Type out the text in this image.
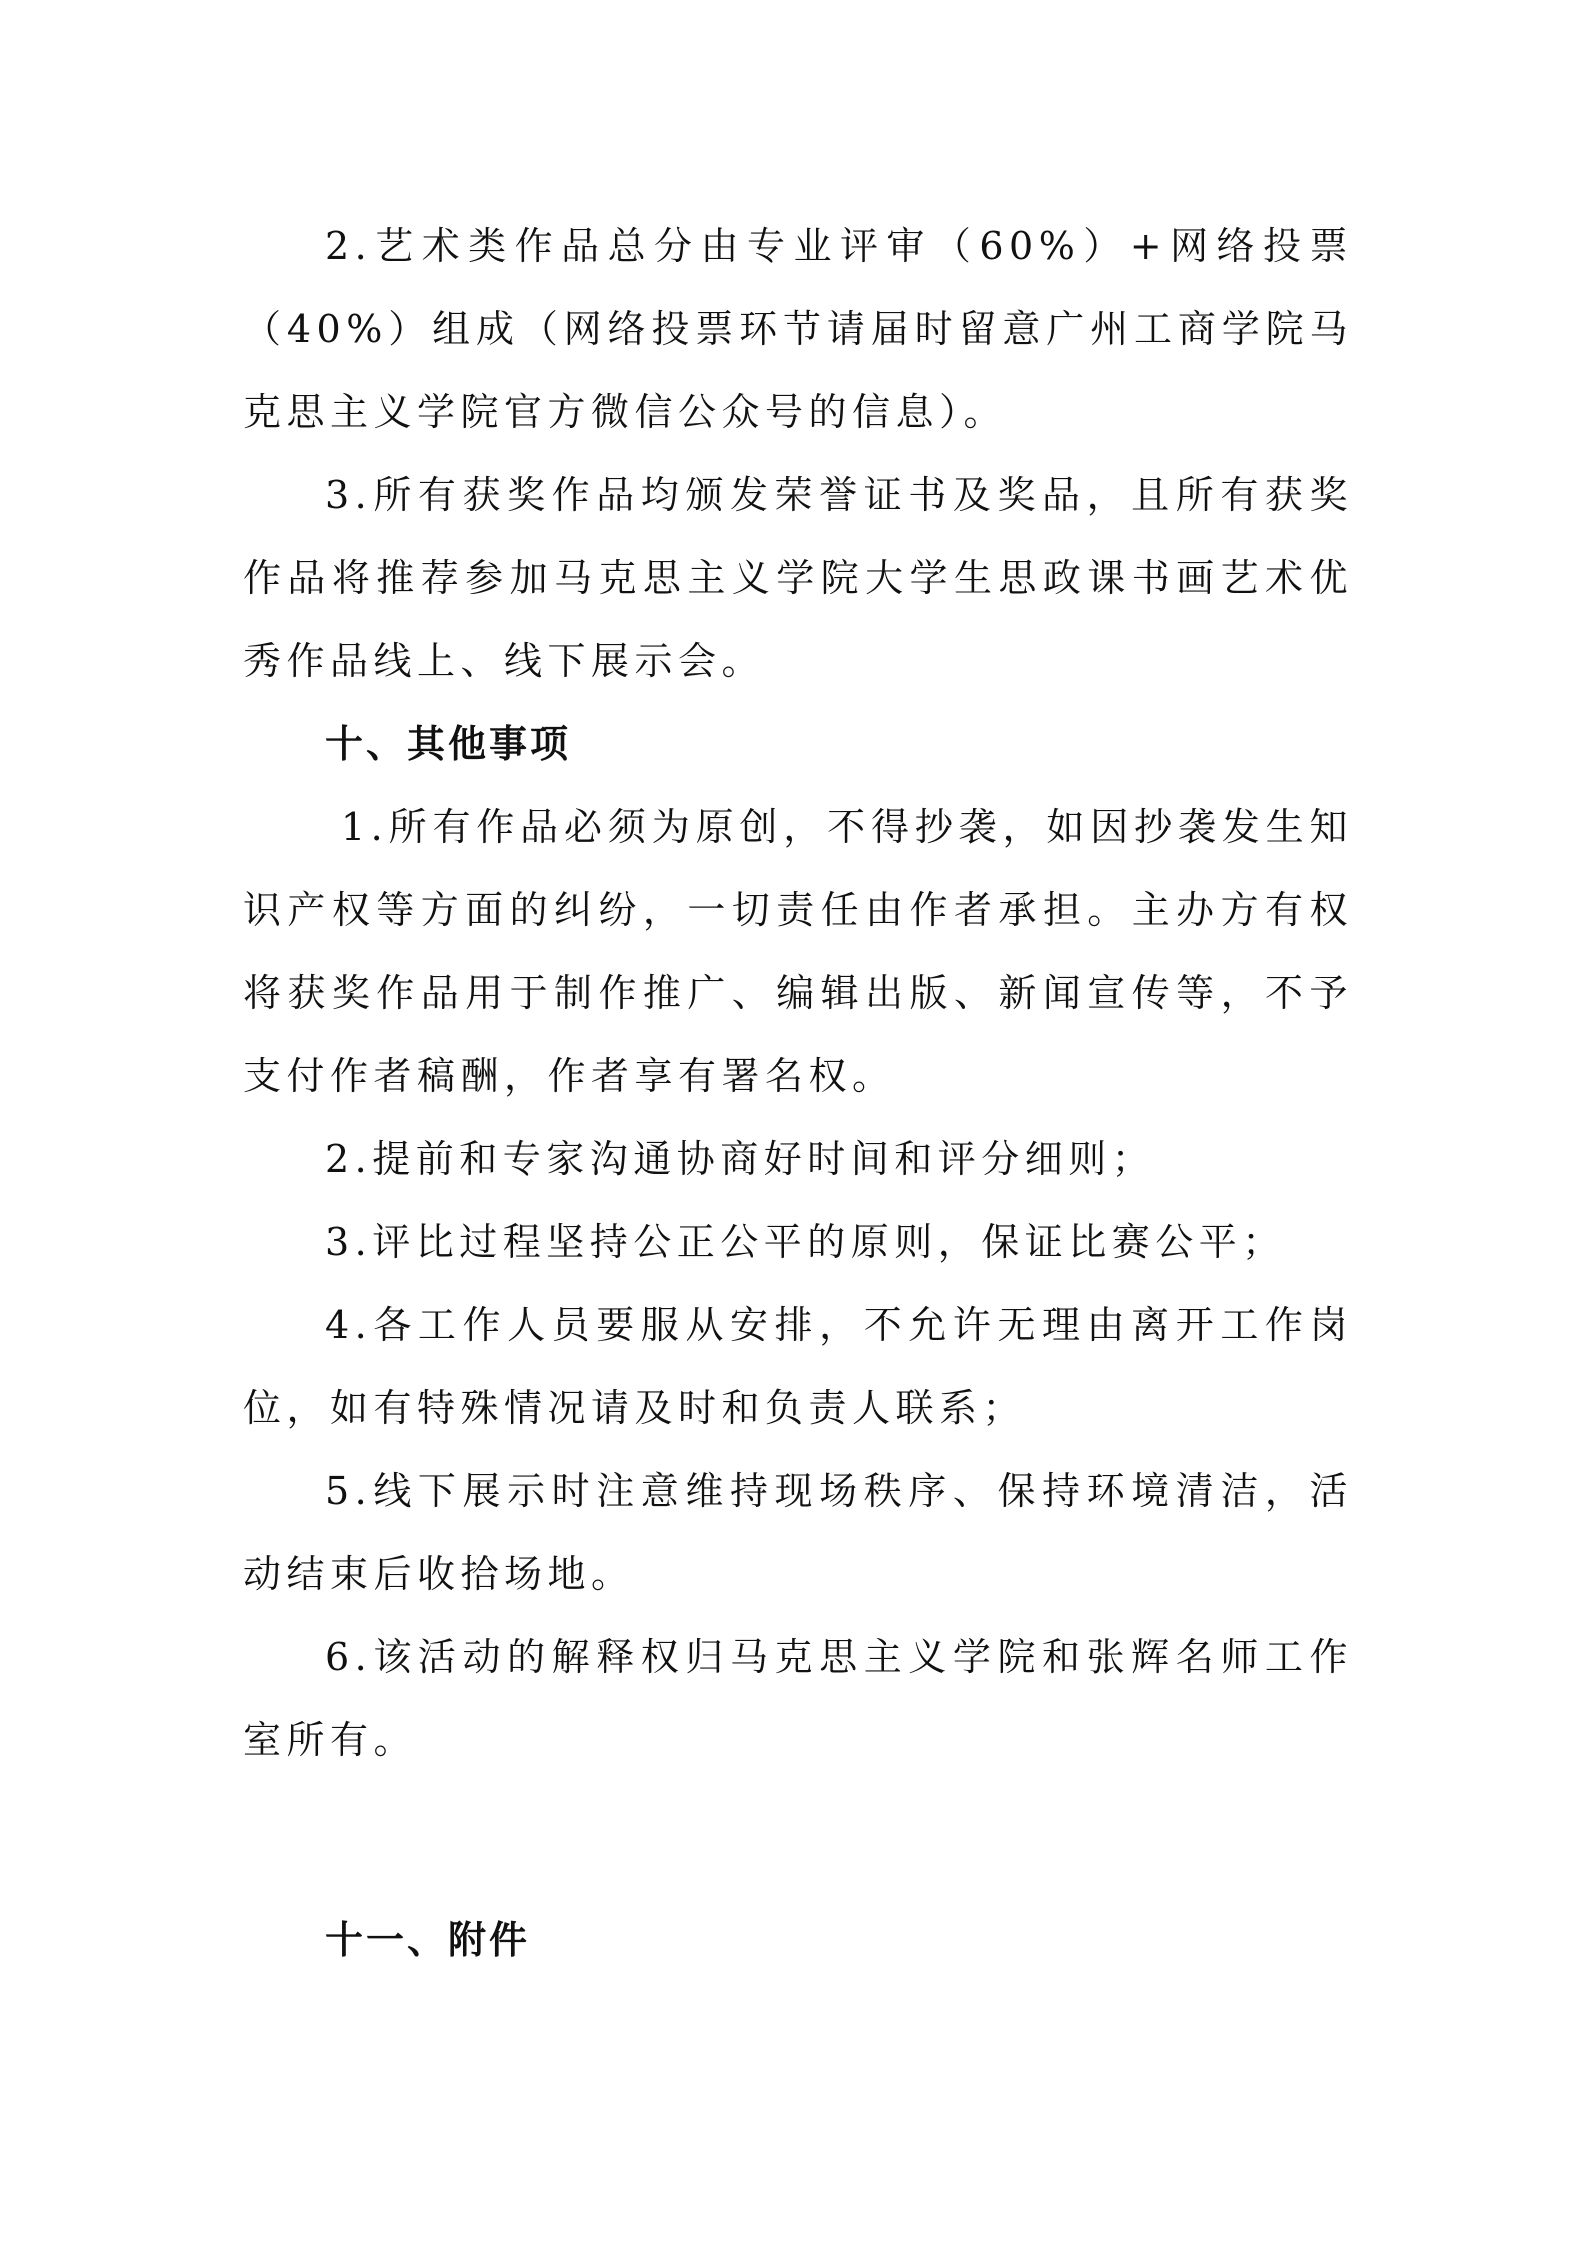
2.艺术类作品总分由专业评审（60%）+网络投票（40%）组成（网络投票环节请届时留意广州工商学院马克思主义学院官方微信公众号的信息）。

3.所有获奖作品均颁发荣誉证书及奖品，且所有获奖作品将推荐参加马克思主义学院大学生思政课书画艺术优秀作品线上、线下展示会。

十、其他事项

1.所有作品必须为原创，不得抄袭，如因抄袭发生知识产权等方面的纠纷，一切责任由作者承担。主办方有权将获奖作品用于制作推广、编辑出版、新闻宣传等，不予支付作者稿酬，作者享有署名权。

2.提前和专家沟通协商好时间和评分细则；

3.评比过程坚持公正公平的原则，保证比赛公平；

4.各工作人员要服从安排，不允许无理由离开工作岗位，如有特殊情况请及时和负责人联系；

5.线下展示时注意维持现场秩序、保持环境清洁，活动结束后收拾场地。

6.该活动的解释权归马克思主义学院和张辉名师工作室所有。

十一、附件
